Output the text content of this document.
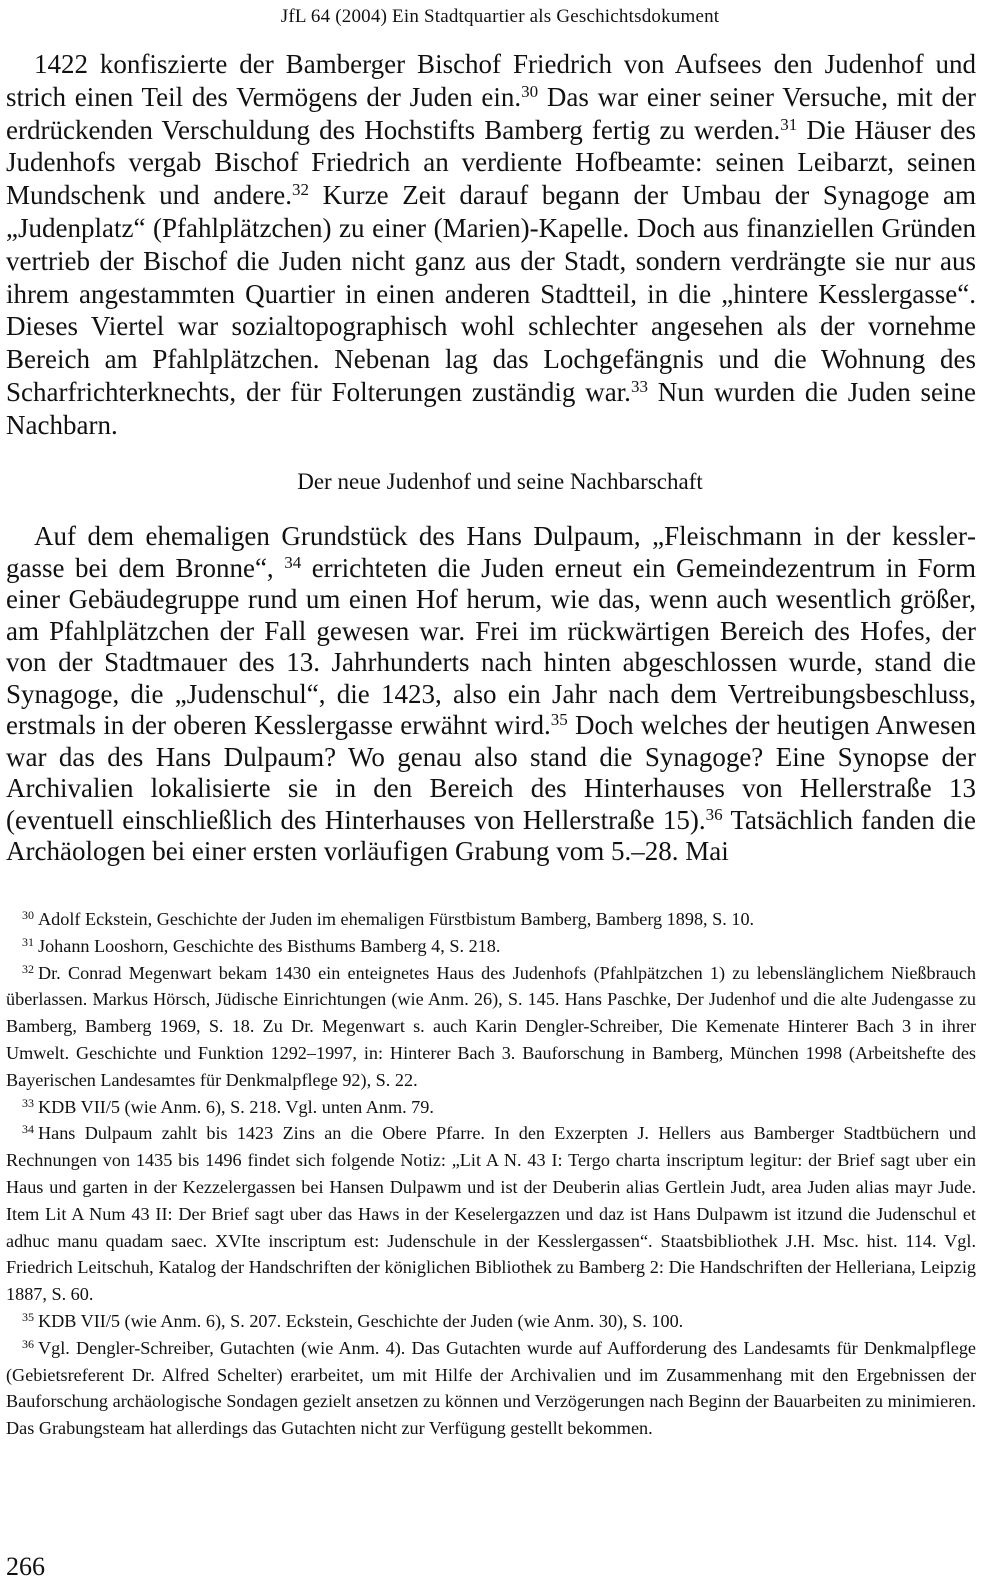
JfL 64 (2004) Ein Stadtquartier als Geschichtsdokument

1422 konfiszierte der Bamberger Bischof Friedrich von Aufsees den Judenhof und strich einen Teil des Vermögens der Juden ein.$^{30}$ Das war einer seiner Versuche, mit der erdrückenden Verschuldung des Hochstifts Bamberg fertig zu werden.$^{31}$ Die Häuser des Judenhofs vergab Bischof Friedrich an verdiente Hofbeamte: seinen Leibarzt, seinen Mundschenk und andere.$^{32}$ Kurze Zeit darauf begann der Umbau der Synagoge am „Judenplatz“ (Pfahlplätzchen) zu einer (Marien)-Kapelle. Doch aus finanziellen Gründen vertrieb der Bischof die Juden nicht ganz aus der Stadt, sondern verdrängte sie nur aus ihrem angestammten Quartier in einen anderen Stadtteil, in die „hintere Kesslergasse“. Dieses Viertel war sozialtopographisch wohl schlechter angesehen als der vornehme Bereich am Pfahlplätzchen. Nebenan lag das Lochgefängnis und die Wohnung des Scharfrichterknechts, der für Folterungen zuständig war.$^{33}$ Nun wurden die Juden seine Nachbarn.

Der neue Judenhof und seine Nachbarschaft

Auf dem ehemaligen Grundstück des Hans Dulpaum, „Fleischmann in der kesslergasse bei dem Bronne“, $^{34}$ errichteten die Juden erneut ein Gemeindezentrum in Form einer Gebäudegruppe rund um einen Hof herum, wie das, wenn auch wesentlich größer, am Pfahlplätzchen der Fall gewesen war. Frei im rückwärtigen Bereich des Hofes, der von der Stadtmauer des 13. Jahrhunderts nach hinten abgeschlossen wurde, stand die Synagoge, die „Judenschul“, die 1423, also ein Jahr nach dem Vertreibungsbeschluss, erstmals in der oberen Kesslergasse erwähnt wird.$^{35}$ Doch welches der heutigen Anwesen war das des Hans Dulpaum? Wo genau also stand die Synagoge? Eine Synopse der Archivalien lokalisierte sie in den Bereich des Hinterhauses von Hellerstraße 13 (eventuell einschließlich des Hinterhauses von Hellerstraße 15).$^{36}$ Tatsächlich fanden die Archäologen bei einer ersten vorläufigen Grabung vom 5.–28. Mai

$^{30}$ Adolf Eckstein, Geschichte der Juden im ehemaligen Fürstbistum Bamberg, Bamberg 1898, S. 10.

$^{31}$ Johann Looshorn, Geschichte des Bisthums Bamberg 4, S. 218.

$^{32}$ Dr. Conrad Megenwart bekam 1430 ein enteignetes Haus des Judenhofs (Pfahlpätzchen 1) zu lebenslänglichem Nießbrauch überlassen. Markus Hörsch, Jüdische Einrichtungen (wie Anm. 26), S. 145. Hans Paschke, Der Judenhof und die alte Judengasse zu Bamberg, Bamberg 1969, S. 18. Zu Dr. Megenwart s. auch Karin Dengler-Schreiber, Die Kemenate Hinterer Bach 3 in ihrer Umwelt. Geschichte und Funktion 1292–1997, in: Hinterer Bach 3. Bauforschung in Bamberg, München 1998 (Arbeitshefte des Bayerischen Landesamtes für Denkmalpflege 92), S. 22.

$^{33}$ KDB VII/5 (wie Anm. 6), S. 218. Vgl. unten Anm. 79.

$^{34}$ Hans Dulpaum zahlt bis 1423 Zins an die Obere Pfarre. In den Exzerpten J. Hellers aus Bamberger Stadtbüchern und Rechnungen von 1435 bis 1496 findet sich folgende Notiz: „Lit A N. 43 I: Tergo charta inscriptum legitur: der Brief sagt uber ein Haus und garten in der Kezzelergassen bei Hansen Dulpawm und ist der Deuberin alias Gertlein Judt, area Juden alias mayr Jude. Item Lit A Num 43 II: Der Brief sagt uber das Haws in der Keselergazzen und daz ist Hans Dulpawm ist itzund die Judenschul et adhuc manu quadam saec. XVIte inscriptum est: Judenschule in der Kesslergassen“. Staatsbibliothek J.H. Msc. hist. 114. Vgl. Friedrich Leitschuh, Katalog der Handschriften der königlichen Bibliothek zu Bamberg 2: Die Handschriften der Helleriana, Leipzig 1887, S. 60.

$^{35}$ KDB VII/5 (wie Anm. 6), S. 207. Eckstein, Geschichte der Juden (wie Anm. 30), S. 100.

$^{36}$ Vgl. Dengler-Schreiber, Gutachten (wie Anm. 4). Das Gutachten wurde auf Aufforderung des Landesamts für Denkmalpflege (Gebietsreferent Dr. Alfred Schelter) erarbeitet, um mit Hilfe der Archivalien und im Zusammenhang mit den Ergebnissen der Bauforschung archäologische Sondagen gezielt ansetzen zu können und Verzögerungen nach Beginn der Bauarbeiten zu minimieren. Das Grabungsteam hat allerdings das Gutachten nicht zur Verfügung gestellt bekommen.

266
